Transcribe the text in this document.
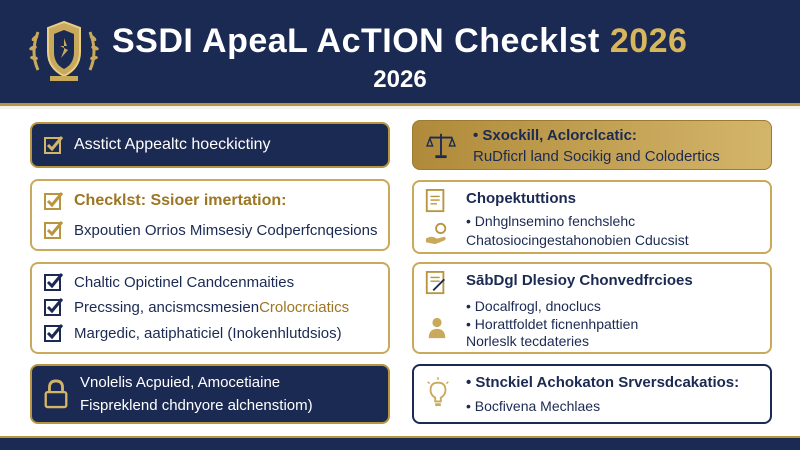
SSDI ApeaL AcTION Checklst 2026
2026
Asstict Appealtc hoeckictiny
Checklst: Ssioer imertation:
Bxpoutien Orrios Mimsesiy Codperfcnqesions
Chaltic Opictinel Candcenmaities
Precssing, ancismcsmesien Crolocrciatics
Margedic, aatiphaticiel (Inokenhlutdsios)
Vnolelis Acpuied, Amocetiaine
Fispreklend chdnyore alchenstiom)
• Sxockill, Aclorclcatic:
RuDficrl land Socikig and Colodertics
Chopektuttions
• Dnhglnsemino fenchslehc
Chatosiocingestahonobien Cducsist
SābDgl Dlesioy Chonvedfrcioes
• Docalfrogl, dnoclucs
• Horattfoldet ficnenhpattien
Norleslk tecdateries
• Stnckiel Achokaton Srversdcakatios:
• Bocfivena Mechlaes
